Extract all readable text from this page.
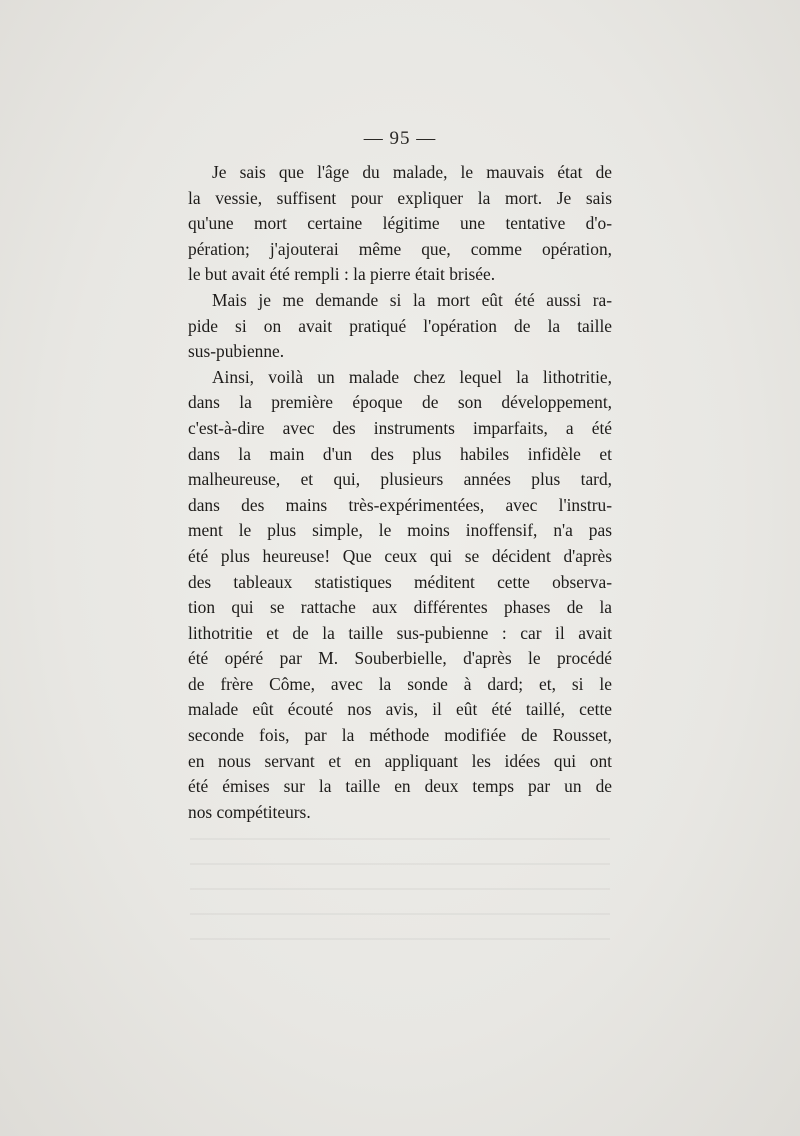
— 95 —
Je sais que l'âge du malade, le mauvais état de
la vessie, suffisent pour expliquer la mort. Je sais
qu'une mort certaine légitime une tentative d'o-
pération; j'ajouterai même que, comme opération,
le but avait été rempli : la pierre était brisée.
Mais je me demande si la mort eût été aussi ra-
pide si on avait pratiqué l'opération de la taille
sus-pubienne.
Ainsi, voilà un malade chez lequel la lithotritie,
dans la première époque de son développement,
c'est-à-dire avec des instruments imparfaits, a été
dans la main d'un des plus habiles infidèle et
malheureuse, et qui, plusieurs années plus tard,
dans des mains très-expérimentées, avec l'instru-
ment le plus simple, le moins inoffensif, n'a pas
été plus heureuse! Que ceux qui se décident d'après
des tableaux statistiques méditent cette observa-
tion qui se rattache aux différentes phases de la
lithotritie et de la taille sus-pubienne : car il avait
été opéré par M. Souberbielle, d'après le procédé
de frère Côme, avec la sonde à dard; et, si le
malade eût écouté nos avis, il eût été taillé, cette
seconde fois, par la méthode modifiée de Rousset,
en nous servant et en appliquant les idées qui ont
été émises sur la taille en deux temps par un de
nos compétiteurs.
